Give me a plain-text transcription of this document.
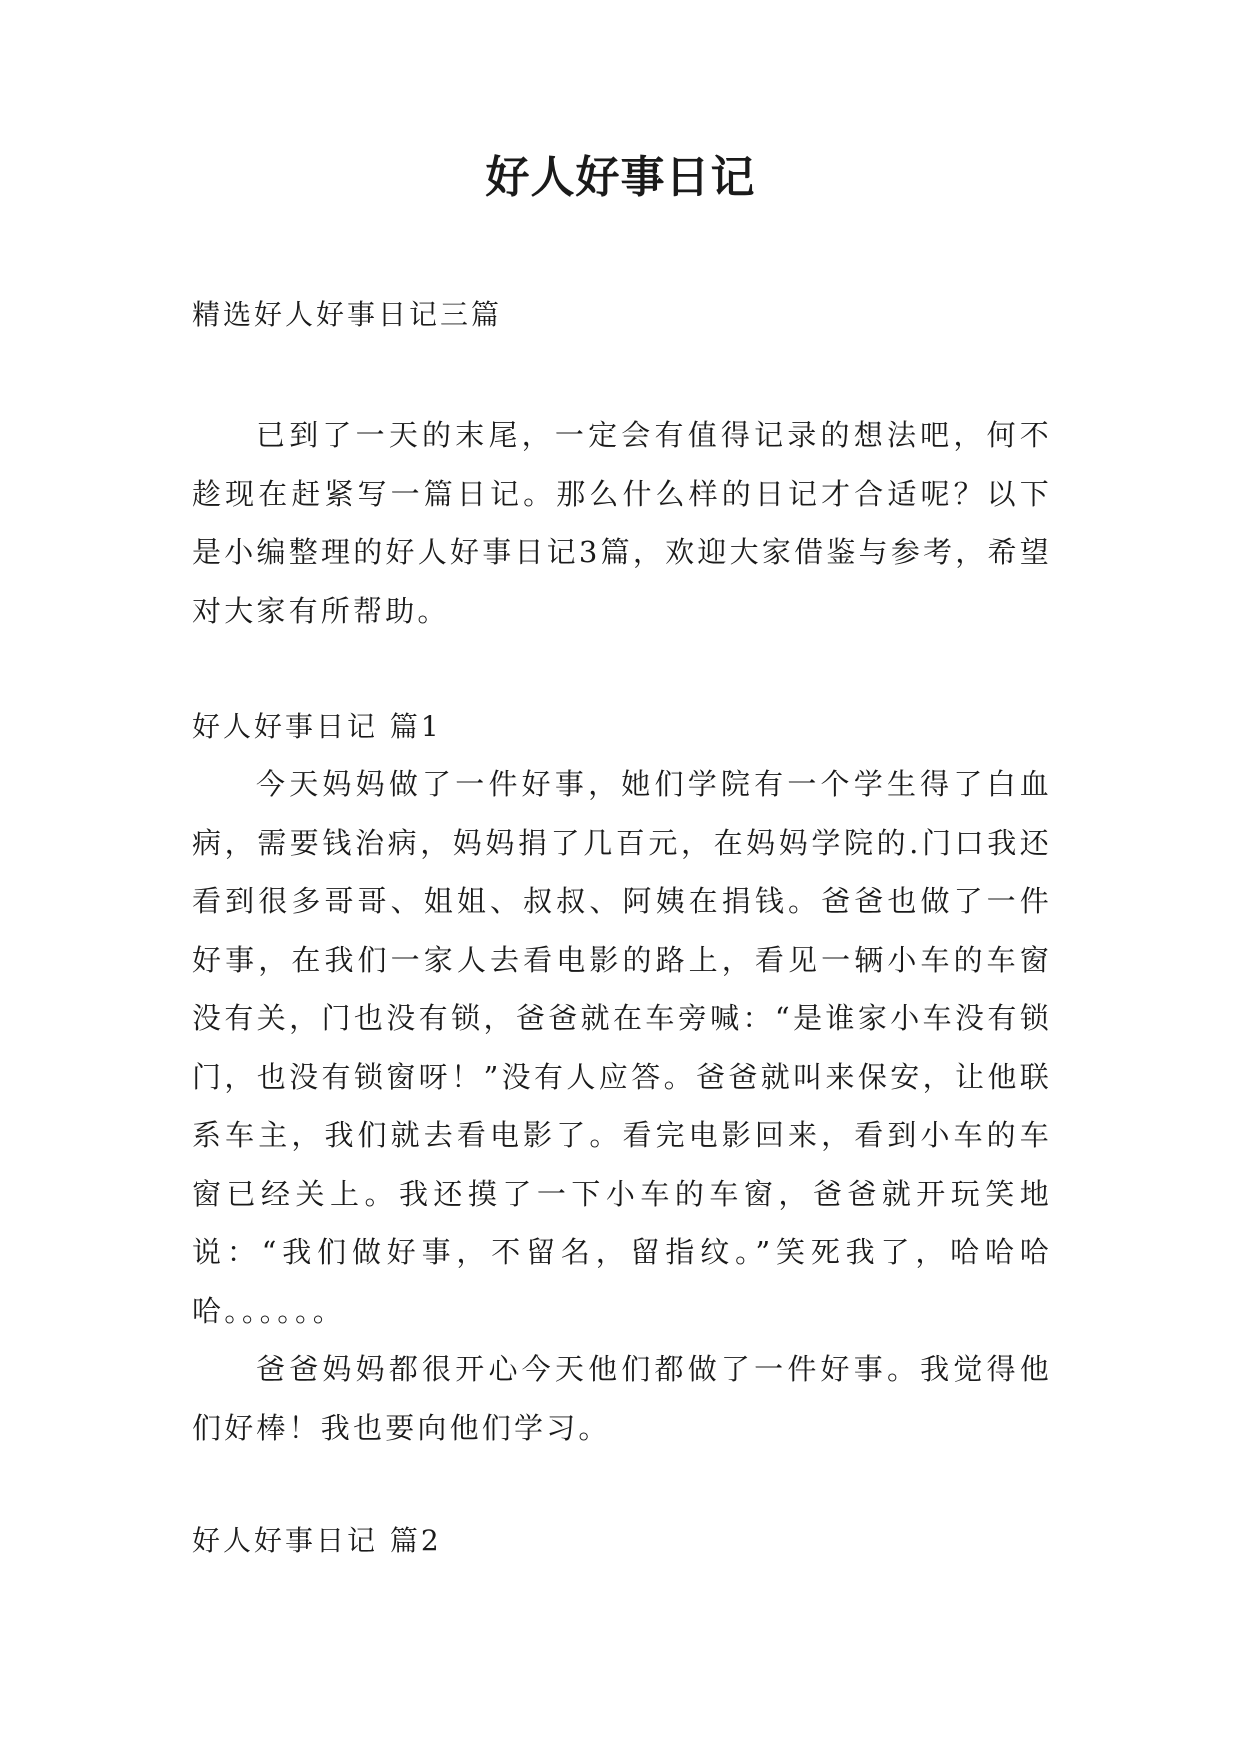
好人好事日记

精选好人好事日记三篇

已到了一天的末尾，一定会有值得记录的想法吧，何不趁现在赶紧写一篇日记。那么什么样的日记才合适呢？以下是小编整理的好人好事日记3篇，欢迎大家借鉴与参考，希望对大家有所帮助。

好人好事日记 篇1

今天妈妈做了一件好事，她们学院有一个学生得了白血病，需要钱治病，妈妈捐了几百元，在妈妈学院的.门口我还看到很多哥哥、姐姐、叔叔、阿姨在捐钱。爸爸也做了一件好事，在我们一家人去看电影的路上，看见一辆小车的车窗没有关，门也没有锁，爸爸就在车旁喊：“是谁家小车没有锁门，也没有锁窗呀！”没有人应答。爸爸就叫来保安，让他联系车主，我们就去看电影了。看完电影回来，看到小车的车窗已经关上。我还摸了一下小车的车窗，爸爸就开玩笑地说：“我们做好事，不留名，留指纹。”笑死我了，哈哈哈哈。。。。。。

爸爸妈妈都很开心今天他们都做了一件好事。我觉得他们好棒！我也要向他们学习。

好人好事日记 篇2
